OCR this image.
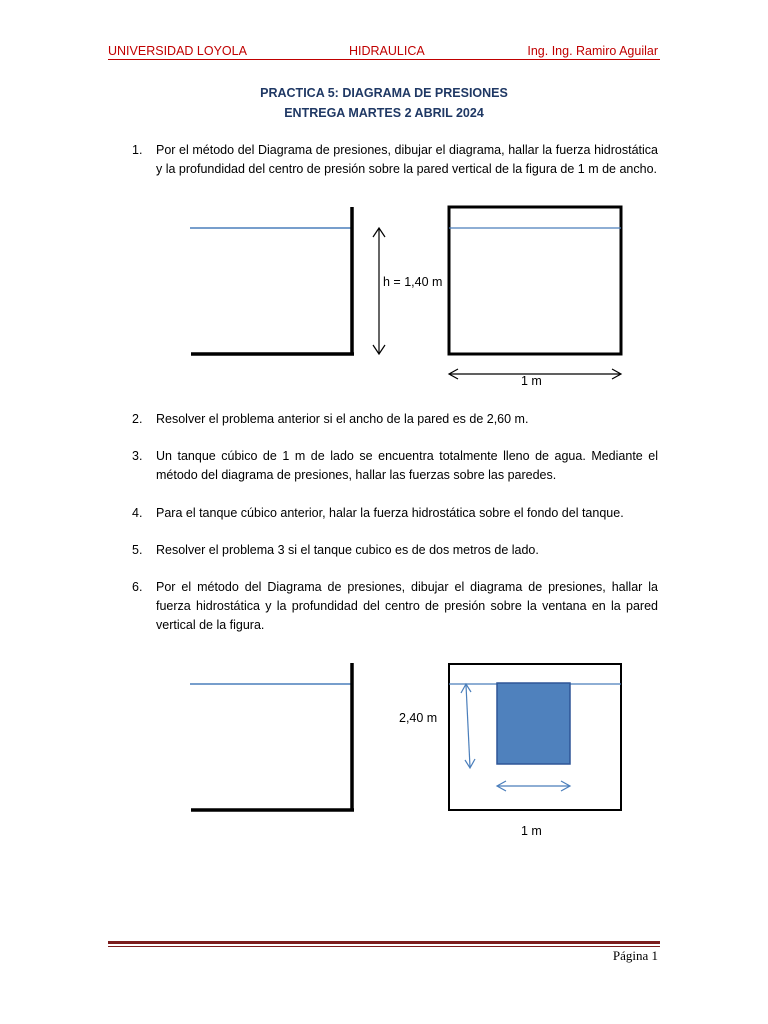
UNIVERSIDAD LOYOLA	HIDRAULICA	Ing. Ing. Ramiro Aguilar
PRACTICA 5: DIAGRAMA DE PRESIONES
ENTREGA MARTES 2 ABRIL 2024
1. Por el método del Diagrama de presiones, dibujar el diagrama, hallar la fuerza hidrostática y la profundidad del centro de presión sobre la pared vertical de la figura de 1 m de ancho.
h = 1,40 m
1 m
2. Resolver el problema anterior si el ancho de la pared es de 2,60 m.
3. Un tanque cúbico de 1 m de lado se encuentra totalmente lleno de agua. Mediante el método del diagrama de presiones, hallar las fuerzas sobre las paredes.
4. Para el tanque cúbico anterior, halar la fuerza hidrostática sobre el fondo del tanque.
5. Resolver el problema 3 si el tanque cubico es de dos metros de lado.
6. Por el método del Diagrama de presiones, dibujar el diagrama de presiones, hallar la fuerza hidrostática y la profundidad del centro de presión sobre la ventana en la pared vertical de la figura.
2,40 m
1 m
Página 1
